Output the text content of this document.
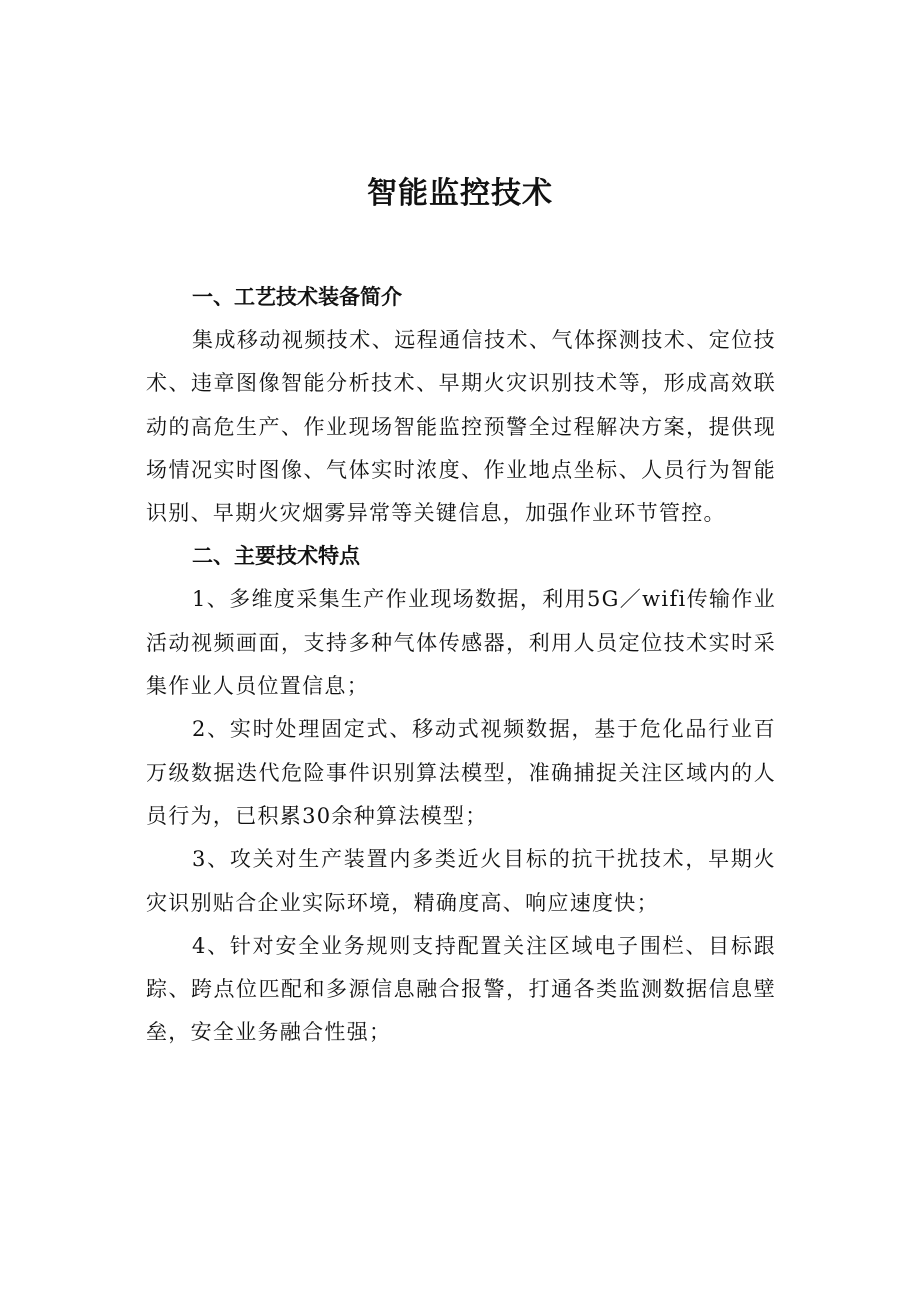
智能监控技术

一、工艺技术装备简介

集成移动视频技术、远程通信技术、气体探测技术、定位技术、违章图像智能分析技术、早期火灾识别技术等，形成高效联动的高危生产、作业现场智能监控预警全过程解决方案，提供现场情况实时图像、气体实时浓度、作业地点坐标、人员行为智能识别、早期火灾烟雾异常等关键信息，加强作业环节管控。

二、主要技术特点

1、多维度采集生产作业现场数据，利用5G／wifi传输作业活动视频画面，支持多种气体传感器，利用人员定位技术实时采集作业人员位置信息；

2、实时处理固定式、移动式视频数据，基于危化品行业百万级数据迭代危险事件识别算法模型，准确捕捉关注区域内的人员行为，已积累30余种算法模型；

3、攻关对生产装置内多类近火目标的抗干扰技术，早期火灾识别贴合企业实际环境，精确度高、响应速度快；

4、针对安全业务规则支持配置关注区域电子围栏、目标跟踪、跨点位匹配和多源信息融合报警，打通各类监测数据信息壁垒，安全业务融合性强；
